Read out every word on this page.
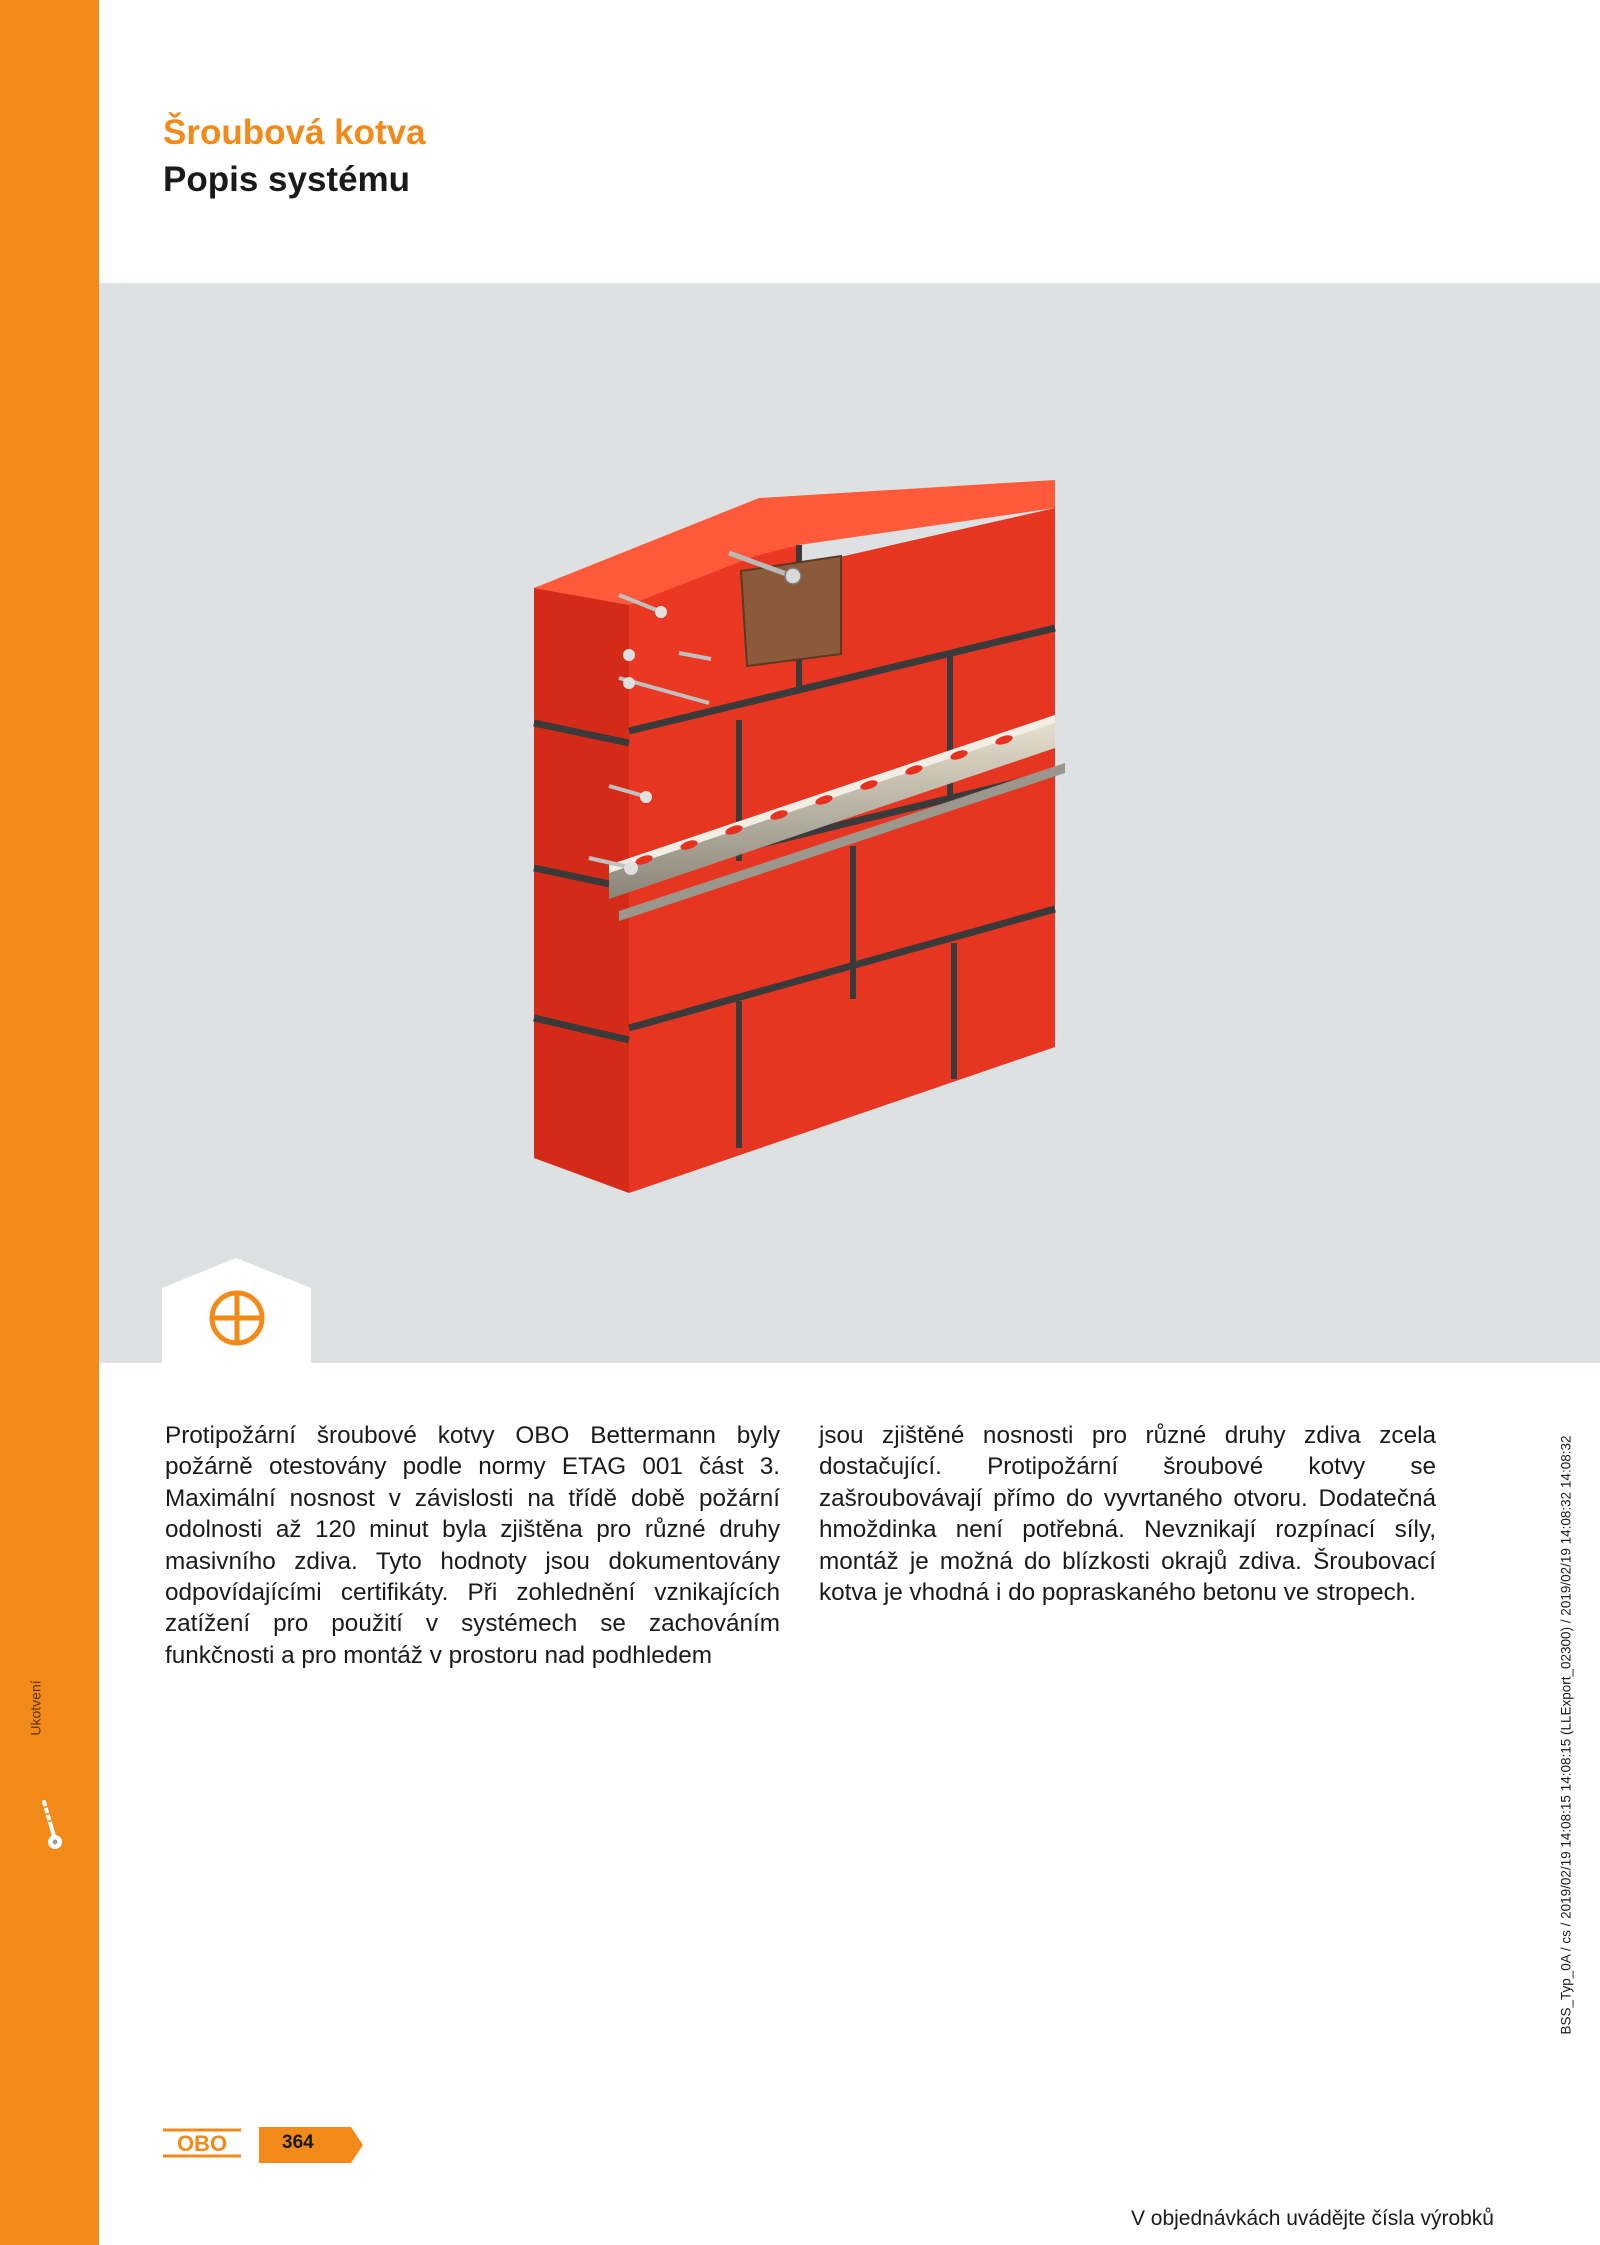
Ukotvení
Šroubová kotva
Popis systému

Protipožární šroubové kotvy OBO Bettermann byly požárně otestovány podle normy ETAG 001 část 3. Maximální nosnost v závislosti na třídě době požární odolnosti až 120 minut byla zjištěna pro různé druhy masivního zdiva. Tyto hodnoty jsou dokumentovány odpovídajícími certifikáty. Při zohlednění vznikajících zatížení pro použití v systémech se zachováním funkčnosti a pro montáž v prostoru nad podhledem

jsou zjištěné nosnosti pro různé druhy zdiva zcela dostačující. Protipožární šroubové kotvy se zašroubovávají přímo do vyvrtaného otvoru. Dodatečná hmoždinka není potřebná. Nevznikají rozpínací síly, montáž je možná do blízkosti okrajů zdiva. Šroubovací kotva je vhodná i do popraskaného betonu ve stropech.	BSS_Typ_0A / cs / 2019/02/19 14:08:15 14:08:15 (LLExport_02300) / 2019/02/19 14:08:32 14:08:32
OBO	364
V objednávkách uvádějte čísla výrobků
